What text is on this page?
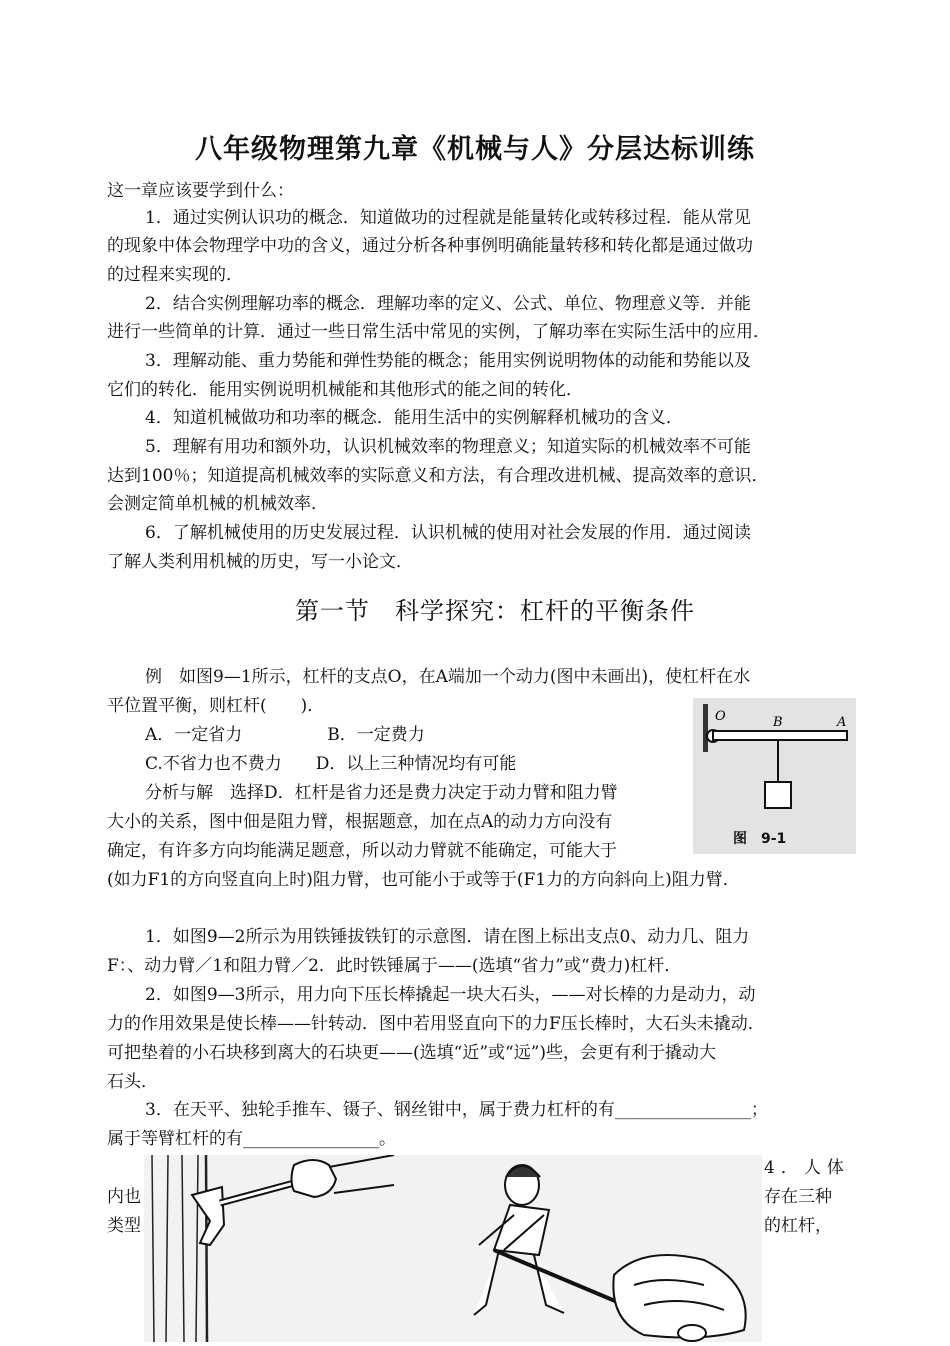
八年级物理第九章《机械与人》分层达标训练
这一章应该要学到什么：
1．通过实例认识功的概念．知道做功的过程就是能量转化或转移过程．能从常见
的现象中体会物理学中功的含义，通过分析各种事例明确能量转移和转化都是通过做功
的过程来实现的．
2．结合实例理解功率的概念．理解功率的定义、公式、单位、物理意义等．并能
进行一些简单的计算．通过一些日常生活中常见的实例，了解功率在实际生活中的应用．
3．理解动能、重力势能和弹性势能的概念；能用实例说明物体的动能和势能以及
它们的转化．能用实例说明机械能和其他形式的能之间的转化．
4．知道机械做功和功率的概念．能用生活中的实例解释机械功的含义．
5．理解有用功和额外功，认识机械效率的物理意义；知道实际的机械效率不可能
达到100％；知道提高机械效率的实际意义和方法，有合理改进机械、提高效率的意识．
会测定简单机械的机械效率．
6．了解机械使用的历史发展过程．认识机械的使用对社会发展的作用．通过阅读
了解人类利用机械的历史，写一小论文．
第一节　科学探究：杠杆的平衡条件
例　如图9—1所示，杠杆的支点O，在A端加一个动力(图中未画出)，使杠杆在水
平位置平衡，则杠杆(　　)．
A．一定省力　　　　　B．一定费力
C.不省力也不费力　　D．以上三种情况均有可能
分析与解　选择D．杠杆是省力还是费力决定于动力臂和阻力臂
大小的关系，图中佃是阻力臂，根据题意，加在点A的动力方向没有
确定，有许多方向均能满足题意，所以动力臂就不能确定，可能大于
(如力F1的方向竖直向上时)阻力臂，也可能小于或等于(F1力的方向斜向上)阻力臂．
O	B	A
图　9-1
1．如图9—2所示为用铁锤拔铁钉的示意图．请在图上标出支点0、动力几、阻力
F：、动力臂／1和阻力臂／2．此时铁锤属于——(选填“省力”或“费力)杠杆．
2．如图9—3所示，用力向下压长棒撬起一块大石头，——对长棒的力是动力，动
力的作用效果是使长棒——针转动．图中若用竖直向下的力F压长棒时，大石头未撬动．
可把垫着的小石块移到离大的石块更——(选填“近”或“远”)些，会更有利于撬动大
石头．
3．在天平、独轮手推车、镊子、钢丝钳中，属于费力杠杆的有________________；
属于等臂杠杆的有________________。
4．人体
内也	存在三种
类型	的杠杆，
